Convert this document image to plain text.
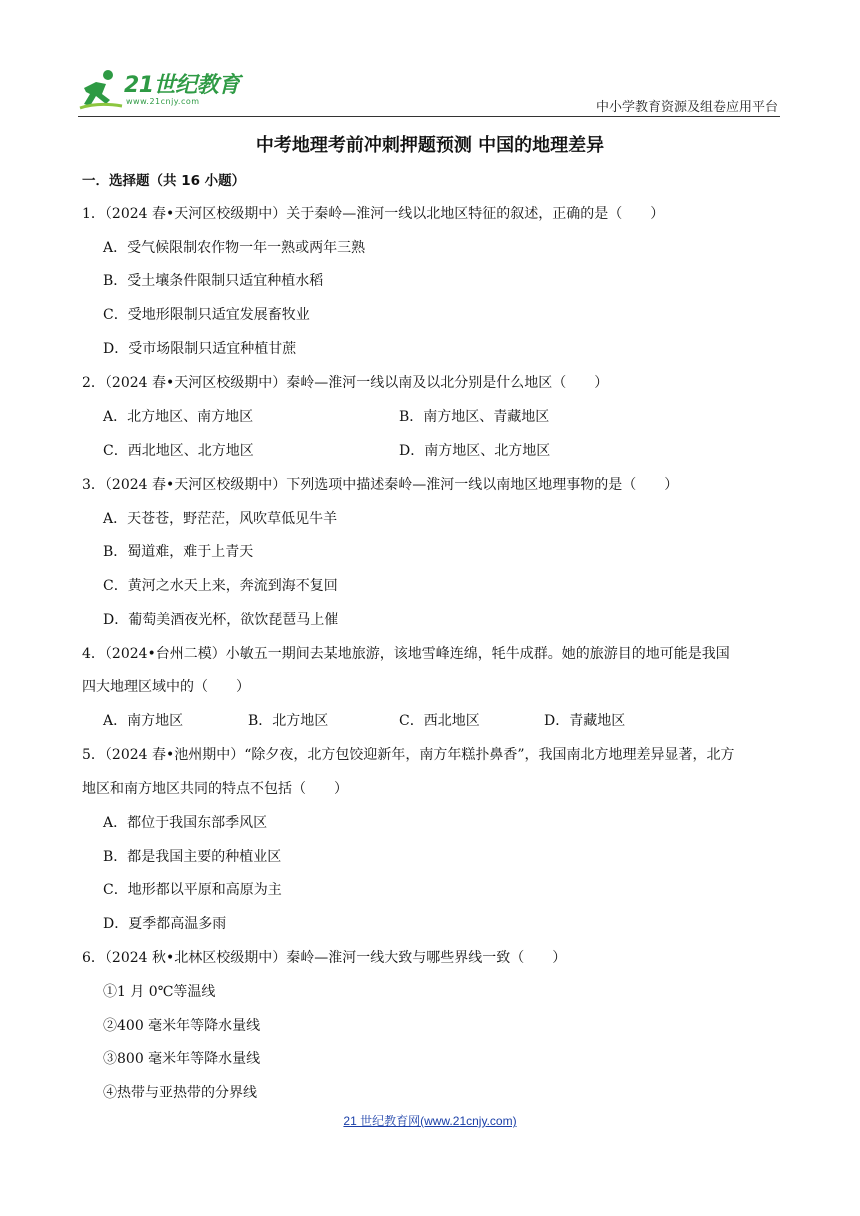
21世纪教育
www.21cnjy.com	中小学教育资源及组卷应用平台
中考地理考前冲刺押题预测 中国的地理差异
一．选择题（共 16 小题）
1．（2024 春•天河区校级期中）关于秦岭—淮河一线以北地区特征的叙述，正确的是（　　）
A．受气候限制农作物一年一熟或两年三熟
B．受土壤条件限制只适宜种植水稻
C．受地形限制只适宜发展畜牧业
D．受市场限制只适宜种植甘蔗
2．（2024 春•天河区校级期中）秦岭—淮河一线以南及以北分别是什么地区（　　）
A．北方地区、南方地区	B．南方地区、青藏地区
C．西北地区、北方地区	D．南方地区、北方地区
3．（2024 春•天河区校级期中）下列选项中描述秦岭—淮河一线以南地区地理事物的是（　　）
A．天苍苍，野茫茫，风吹草低见牛羊
B．蜀道难，难于上青天
C．黄河之水天上来，奔流到海不复回
D．葡萄美酒夜光杯，欲饮琵琶马上催
4．（2024•台州二模）小敏五一期间去某地旅游，该地雪峰连绵，牦牛成群。她的旅游目的地可能是我国
四大地理区域中的（　　）
A．南方地区	B．北方地区	C．西北地区	D．青藏地区
5．（2024 春•池州期中）“除夕夜，北方包饺迎新年，南方年糕扑鼻香”，我国南北方地理差异显著，北方
地区和南方地区共同的特点不包括（　　）
A．都位于我国东部季风区
B．都是我国主要的种植业区
C．地形都以平原和高原为主
D．夏季都高温多雨
6．（2024 秋•北林区校级期中）秦岭—淮河一线大致与哪些界线一致（　　）
①1 月 0℃等温线
②400 毫米年等降水量线
③800 毫米年等降水量线
④热带与亚热带的分界线
21 世纪教育网(www.21cnjy.com)
